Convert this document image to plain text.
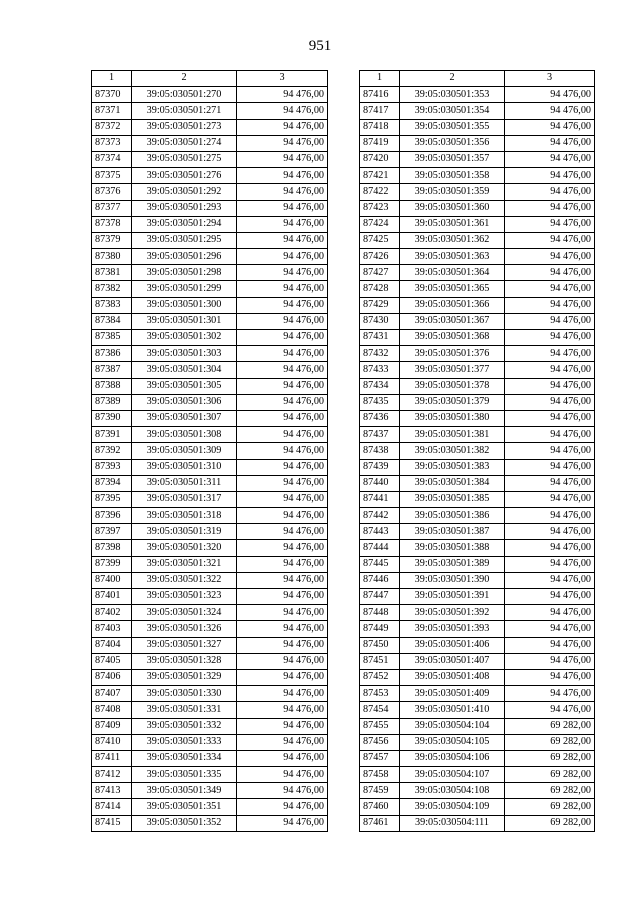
951
1	2	3
87370	39:05:030501:270	94 476,00
87371	39:05:030501:271	94 476,00
87372	39:05:030501:273	94 476,00
87373	39:05:030501:274	94 476,00
87374	39:05:030501:275	94 476,00
87375	39:05:030501:276	94 476,00
87376	39:05:030501:292	94 476,00
87377	39:05:030501:293	94 476,00
87378	39:05:030501:294	94 476,00
87379	39:05:030501:295	94 476,00
87380	39:05:030501:296	94 476,00
87381	39:05:030501:298	94 476,00
87382	39:05:030501:299	94 476,00
87383	39:05:030501:300	94 476,00
87384	39:05:030501:301	94 476,00
87385	39:05:030501:302	94 476,00
87386	39:05:030501:303	94 476,00
87387	39:05:030501:304	94 476,00
87388	39:05:030501:305	94 476,00
87389	39:05:030501:306	94 476,00
87390	39:05:030501:307	94 476,00
87391	39:05:030501:308	94 476,00
87392	39:05:030501:309	94 476,00
87393	39:05:030501:310	94 476,00
87394	39:05:030501:311	94 476,00
87395	39:05:030501:317	94 476,00
87396	39:05:030501:318	94 476,00
87397	39:05:030501:319	94 476,00
87398	39:05:030501:320	94 476,00
87399	39:05:030501:321	94 476,00
87400	39:05:030501:322	94 476,00
87401	39:05:030501:323	94 476,00
87402	39:05:030501:324	94 476,00
87403	39:05:030501:326	94 476,00
87404	39:05:030501:327	94 476,00
87405	39:05:030501:328	94 476,00
87406	39:05:030501:329	94 476,00
87407	39:05:030501:330	94 476,00
87408	39:05:030501:331	94 476,00
87409	39:05:030501:332	94 476,00
87410	39:05:030501:333	94 476,00
87411	39:05:030501:334	94 476,00
87412	39:05:030501:335	94 476,00
87413	39:05:030501:349	94 476,00
87414	39:05:030501:351	94 476,00
87415	39:05:030501:352	94 476,00
1	2	3
87416	39:05:030501:353	94 476,00
87417	39:05:030501:354	94 476,00
87418	39:05:030501:355	94 476,00
87419	39:05:030501:356	94 476,00
87420	39:05:030501:357	94 476,00
87421	39:05:030501:358	94 476,00
87422	39:05:030501:359	94 476,00
87423	39:05:030501:360	94 476,00
87424	39:05:030501:361	94 476,00
87425	39:05:030501:362	94 476,00
87426	39:05:030501:363	94 476,00
87427	39:05:030501:364	94 476,00
87428	39:05:030501:365	94 476,00
87429	39:05:030501:366	94 476,00
87430	39:05:030501:367	94 476,00
87431	39:05:030501:368	94 476,00
87432	39:05:030501:376	94 476,00
87433	39:05:030501:377	94 476,00
87434	39:05:030501:378	94 476,00
87435	39:05:030501:379	94 476,00
87436	39:05:030501:380	94 476,00
87437	39:05:030501:381	94 476,00
87438	39:05:030501:382	94 476,00
87439	39:05:030501:383	94 476,00
87440	39:05:030501:384	94 476,00
87441	39:05:030501:385	94 476,00
87442	39:05:030501:386	94 476,00
87443	39:05:030501:387	94 476,00
87444	39:05:030501:388	94 476,00
87445	39:05:030501:389	94 476,00
87446	39:05:030501:390	94 476,00
87447	39:05:030501:391	94 476,00
87448	39:05:030501:392	94 476,00
87449	39:05:030501:393	94 476,00
87450	39:05:030501:406	94 476,00
87451	39:05:030501:407	94 476,00
87452	39:05:030501:408	94 476,00
87453	39:05:030501:409	94 476,00
87454	39:05:030501:410	94 476,00
87455	39:05:030504:104	69 282,00
87456	39:05:030504:105	69 282,00
87457	39:05:030504:106	69 282,00
87458	39:05:030504:107	69 282,00
87459	39:05:030504:108	69 282,00
87460	39:05:030504:109	69 282,00
87461	39:05:030504:111	69 282,00
